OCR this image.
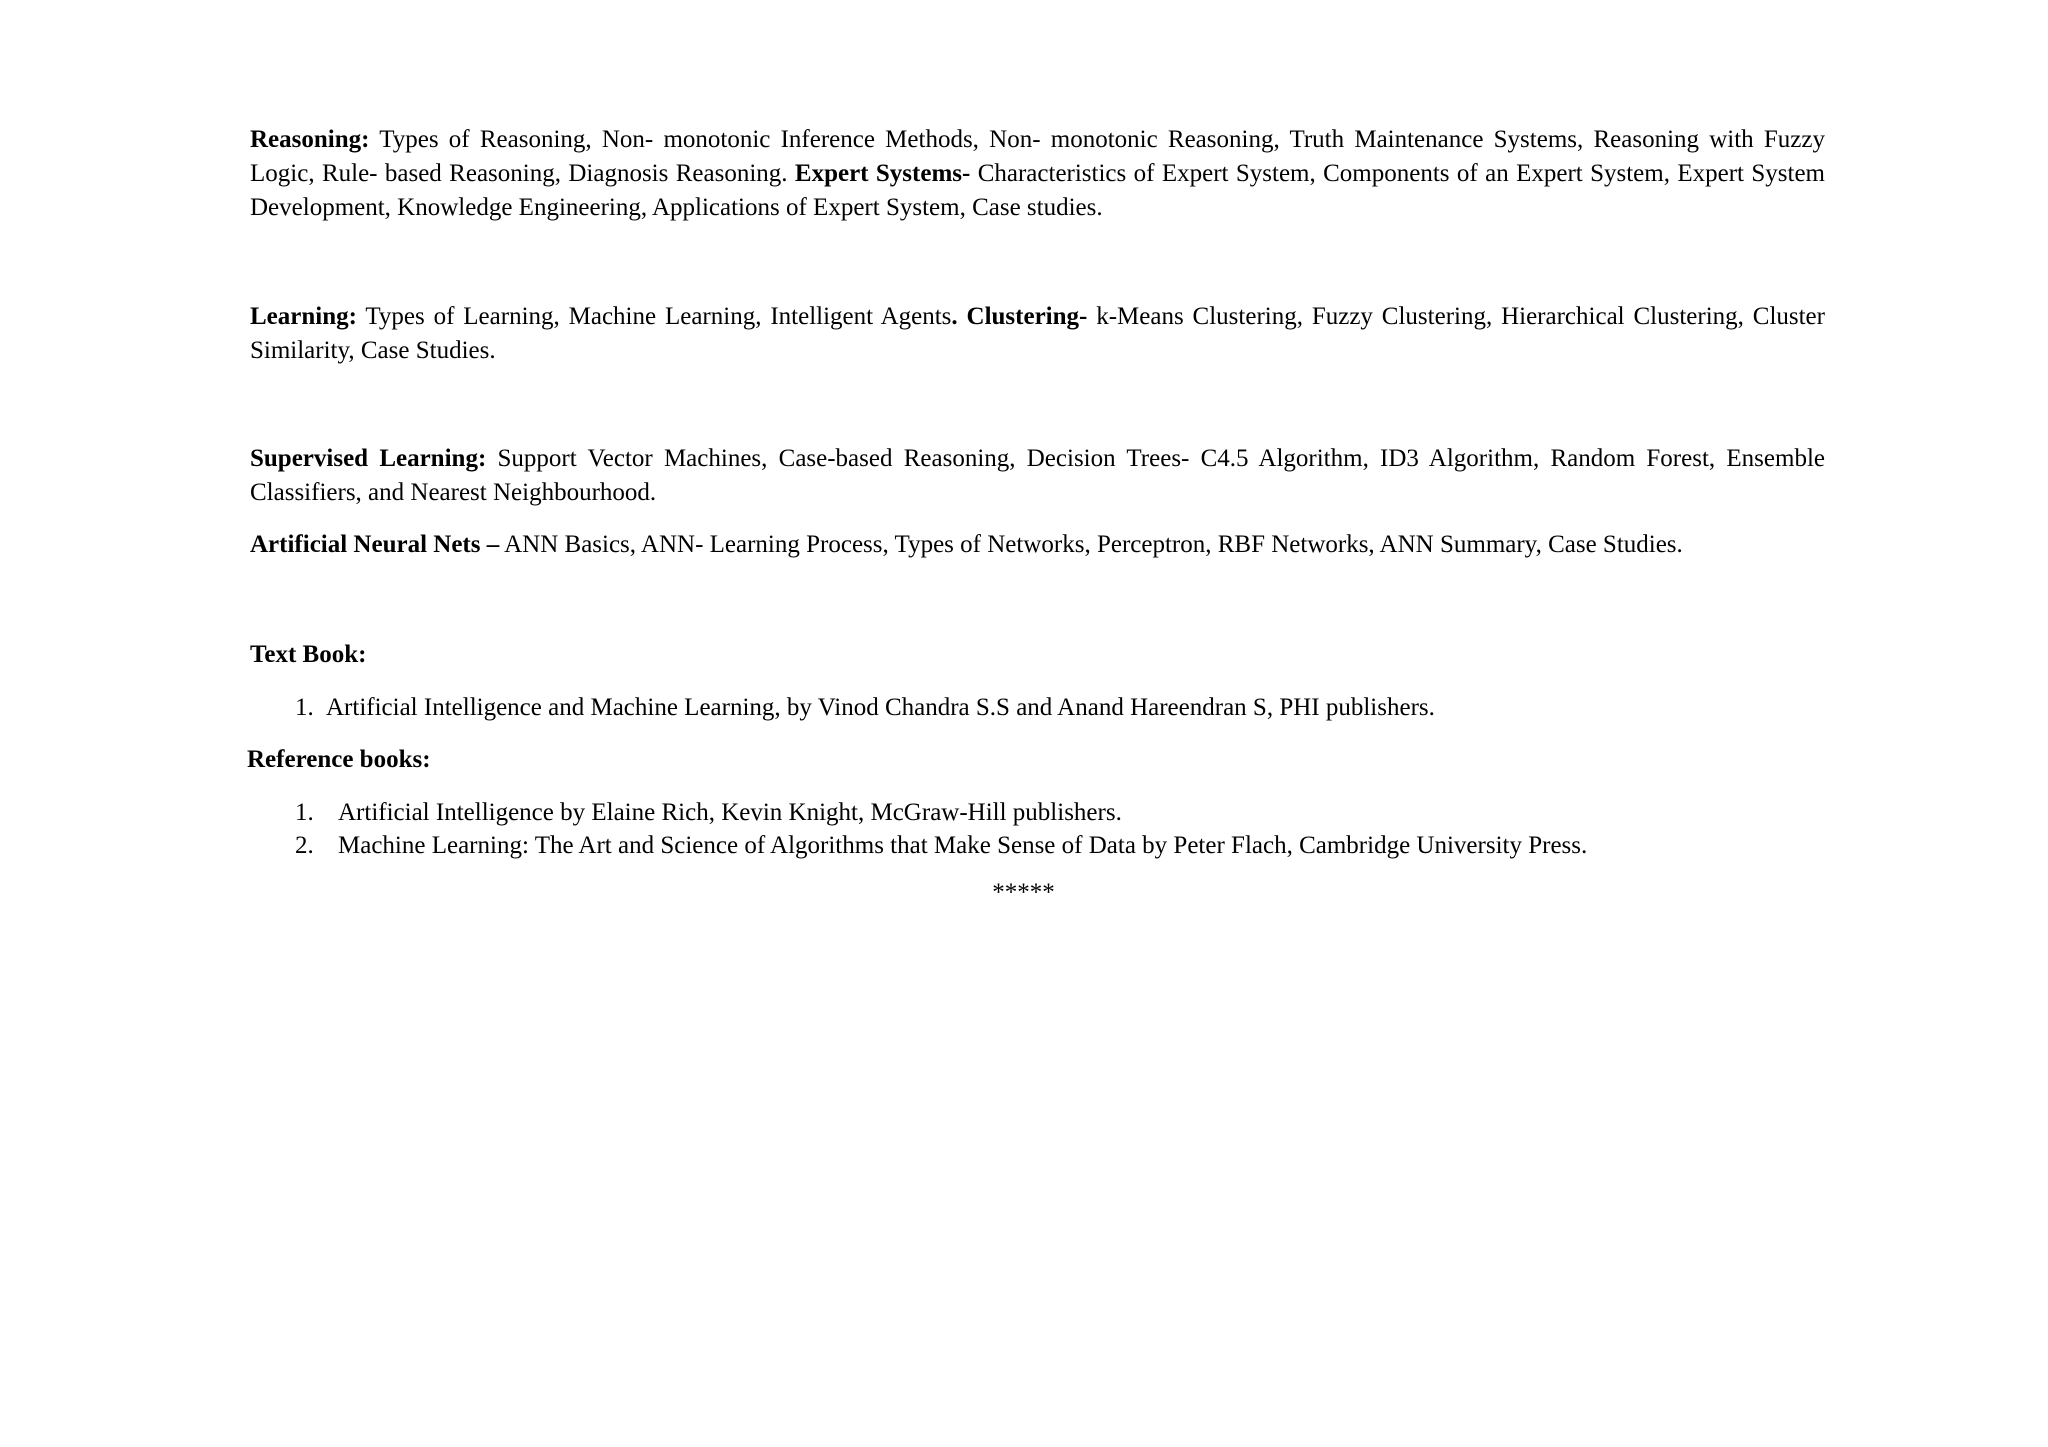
Reasoning: Types of Reasoning, Non- monotonic Inference Methods, Non- monotonic Reasoning, Truth Maintenance Systems, Reasoning with Fuzzy Logic, Rule- based Reasoning, Diagnosis Reasoning. Expert Systems- Characteristics of Expert System, Components of an Expert System, Expert System Development, Knowledge Engineering, Applications of Expert System, Case studies.

Learning: Types of Learning, Machine Learning, Intelligent Agents. Clustering- k-Means Clustering, Fuzzy Clustering, Hierarchical Clustering, Cluster Similarity, Case Studies.

Supervised Learning: Support Vector Machines, Case-based Reasoning, Decision Trees- C4.5 Algorithm, ID3 Algorithm, Random Forest, Ensemble Classifiers, and Nearest Neighbourhood.

Artificial Neural Nets – ANN Basics, ANN- Learning Process, Types of Networks, Perceptron, RBF Networks, ANN Summary, Case Studies.

Text Book:

1. Artificial Intelligence and Machine Learning, by Vinod Chandra S.S and Anand Hareendran S, PHI publishers.

Reference books:

1. Artificial Intelligence by Elaine Rich, Kevin Knight, McGraw-Hill publishers.
2. Machine Learning: The Art and Science of Algorithms that Make Sense of Data by Peter Flach, Cambridge University Press.
*****
